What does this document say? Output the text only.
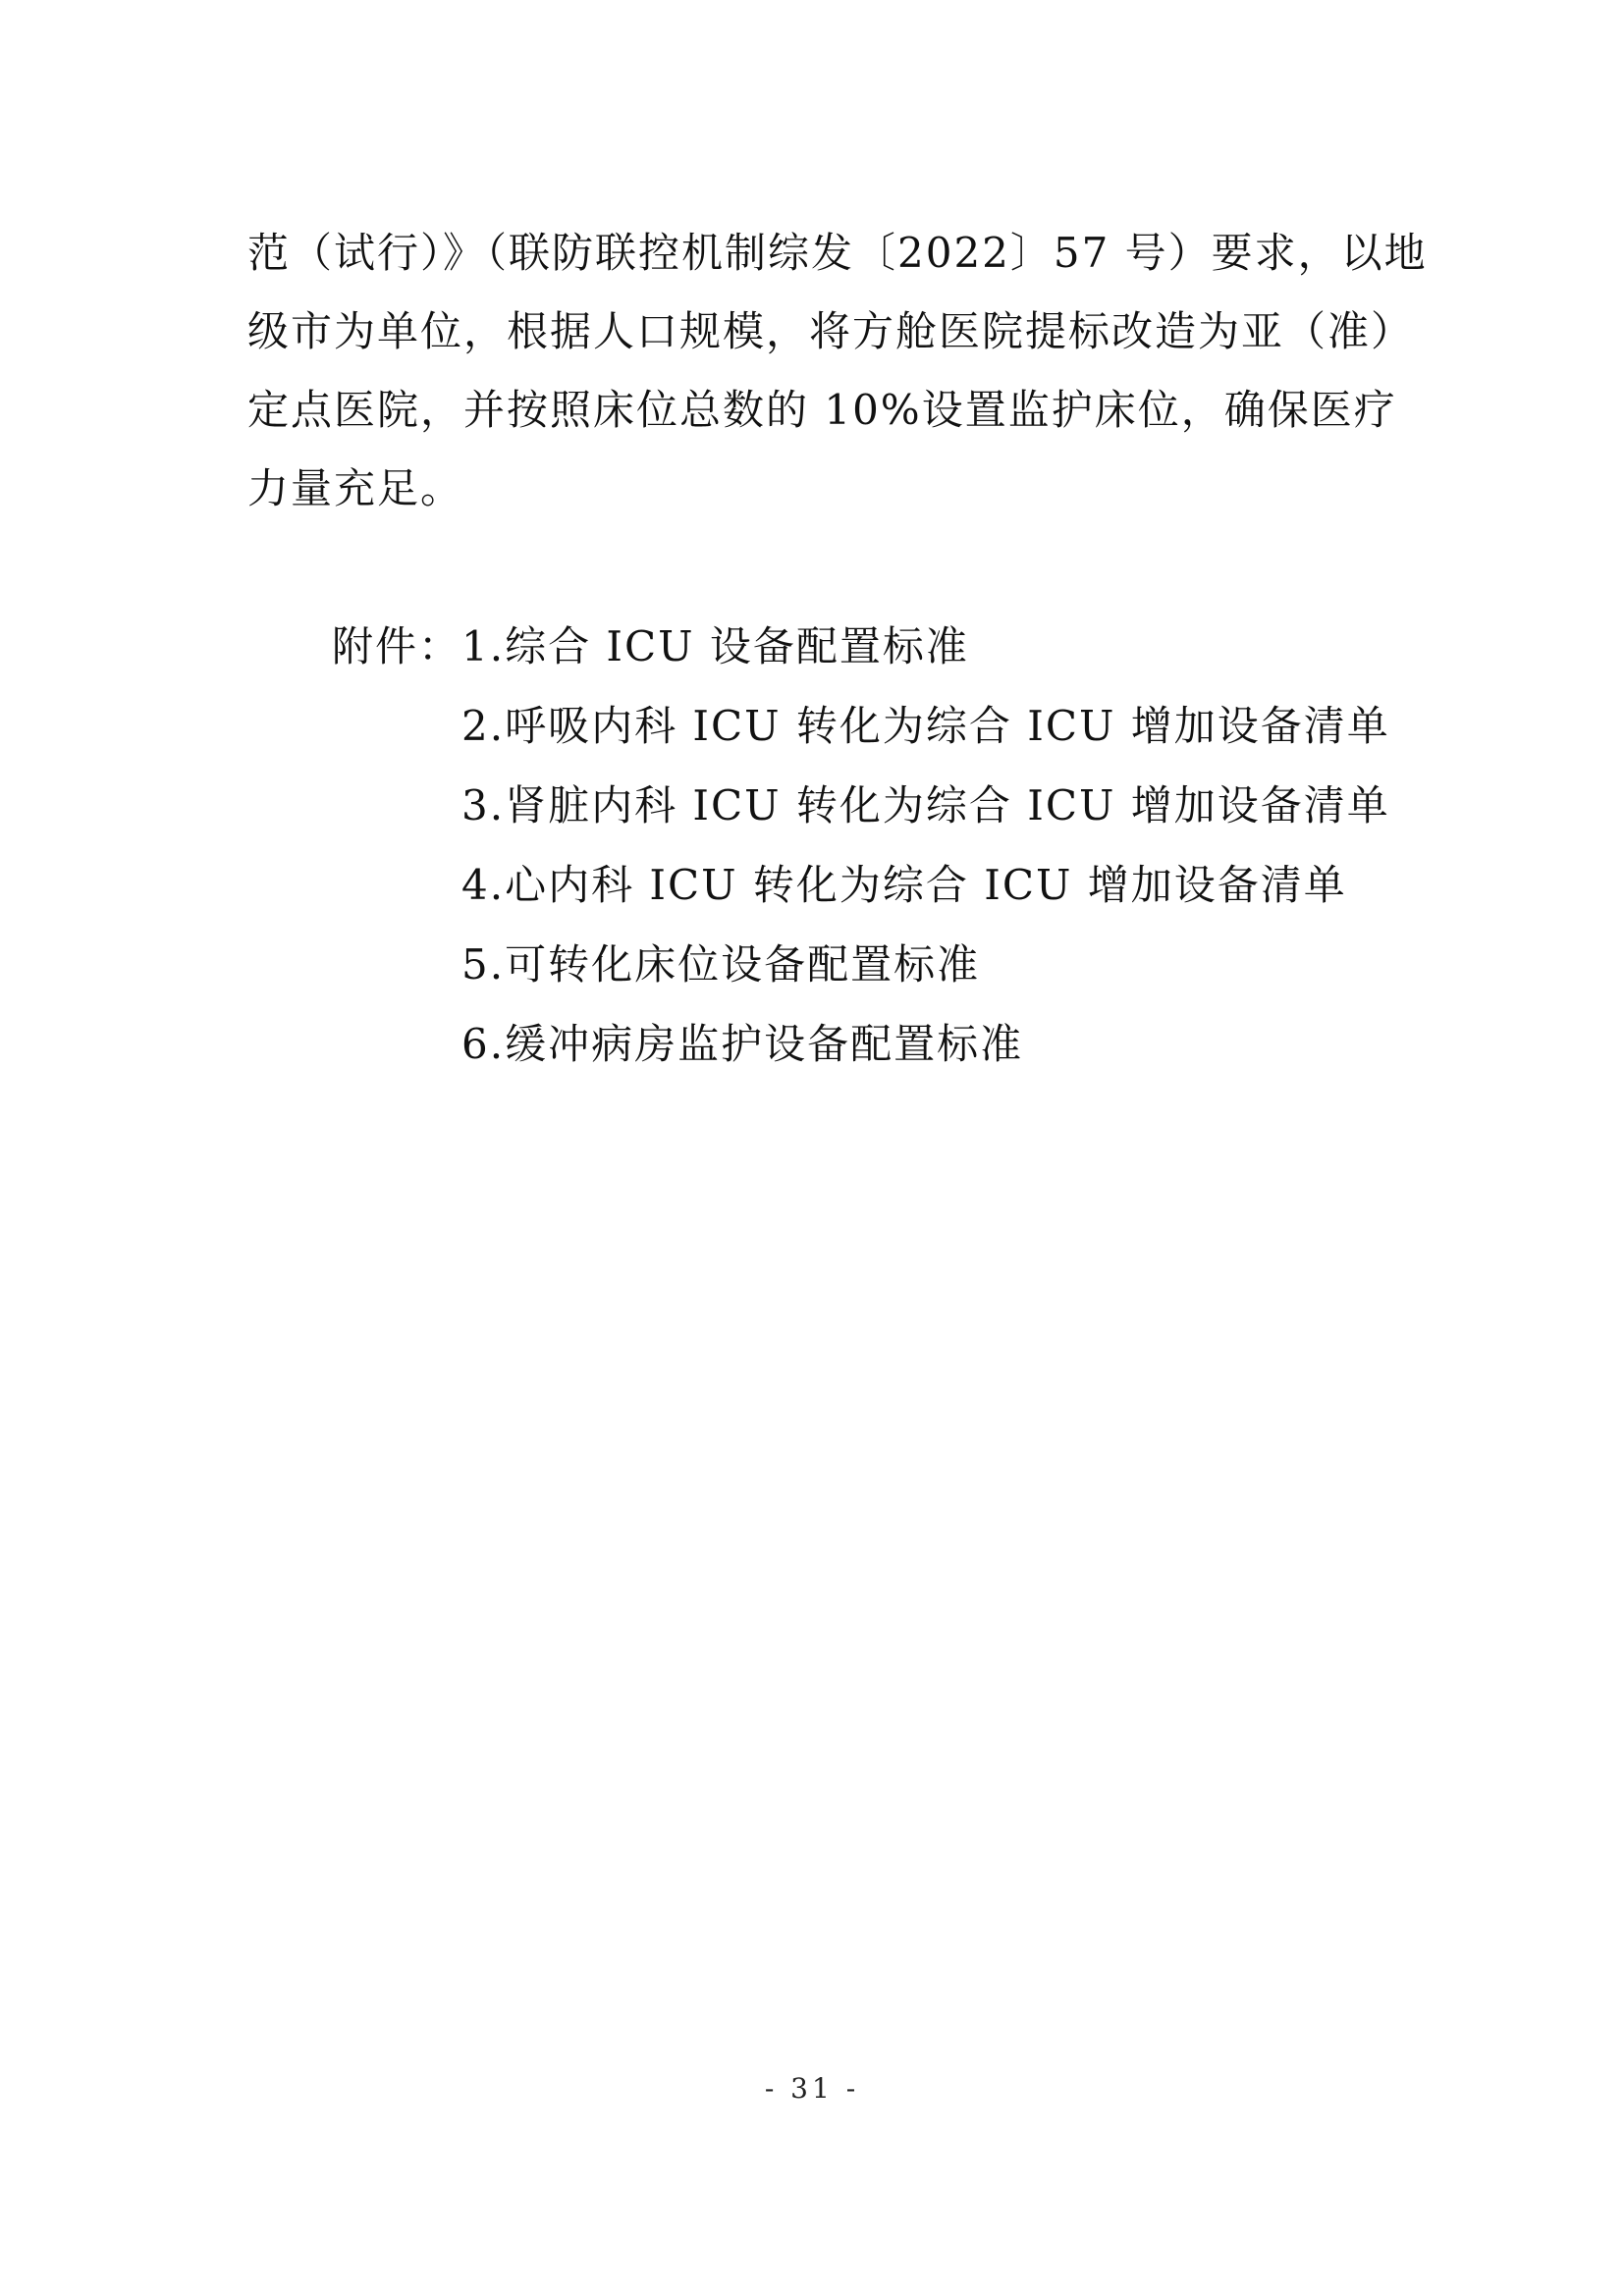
范（试行）》（联防联控机制综发〔2022〕57 号）要求，以地
级市为单位，根据人口规模，将方舱医院提标改造为亚（准）
定点医院，并按照床位总数的 10%设置监护床位，确保医疗
力量充足。
附件： 1.综合 ICU 设备配置标准
2.呼吸内科 ICU 转化为综合 ICU 增加设备清单
3.肾脏内科 ICU 转化为综合 ICU 增加设备清单
4.心内科 ICU 转化为综合 ICU 增加设备清单
5.可转化床位设备配置标准
6.缓冲病房监护设备配置标准
- 31 -
